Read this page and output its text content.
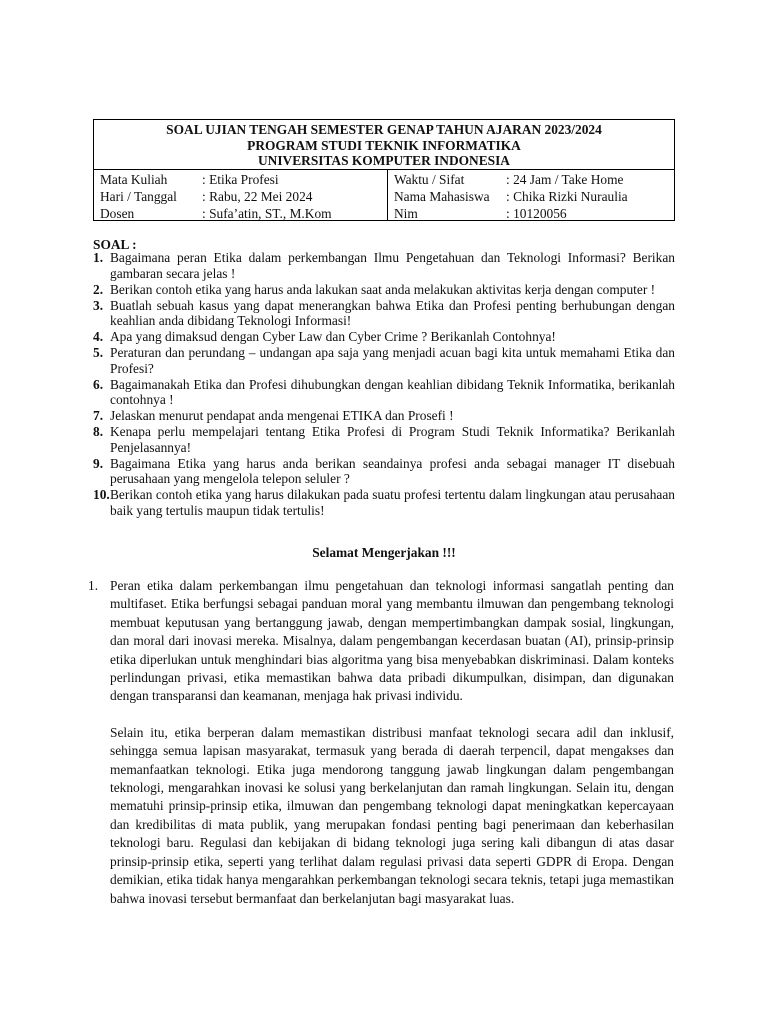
SOAL UJIAN TENGAH SEMESTER GENAP TAHUN AJARAN 2023/2024
PROGRAM STUDI TEKNIK INFORMATIKA
UNIVERSITAS KOMPUTER INDONESIA
Mata Kuliah	: Etika Profesi
Hari / Tanggal	: Rabu, 22 Mei 2024
Dosen	: Sufa’atin, ST., M.Kom
Waktu / Sifat	: 24 Jam / Take Home
Nama Mahasiswa	: Chika Rizki Nuraulia
Nim	: 10120056
SOAL :
1. Bagaimana peran Etika dalam perkembangan Ilmu Pengetahuan dan Teknologi Informasi? Berikan gambaran secara jelas !
2. Berikan contoh etika yang harus anda lakukan saat anda melakukan aktivitas kerja dengan computer !
3. Buatlah sebuah kasus yang dapat menerangkan bahwa Etika dan Profesi penting berhubungan dengan keahlian anda dibidang Teknologi Informasi!
4. Apa yang dimaksud dengan Cyber Law dan Cyber Crime ? Berikanlah Contohnya!
5. Peraturan dan perundang – undangan apa saja yang menjadi acuan bagi kita untuk memahami Etika dan Profesi?
6. Bagaimanakah Etika dan Profesi dihubungkan dengan keahlian dibidang Teknik Informatika, berikanlah contohnya !
7. Jelaskan menurut pendapat anda mengenai ETIKA dan Prosefi !
8. Kenapa perlu mempelajari tentang Etika Profesi di Program Studi Teknik Informatika? Berikanlah Penjelasannya!
9. Bagaimana Etika yang harus anda berikan seandainya profesi anda sebagai manager IT disebuah perusahaan yang mengelola telepon seluler ?
10. Berikan contoh etika yang harus dilakukan pada suatu profesi tertentu dalam lingkungan atau perusahaan baik yang tertulis maupun tidak tertulis!
Selamat Mengerjakan !!!
1. Peran etika dalam perkembangan ilmu pengetahuan dan teknologi informasi sangatlah penting dan multifaset. Etika berfungsi sebagai panduan moral yang membantu ilmuwan dan pengembang teknologi membuat keputusan yang bertanggung jawab, dengan mempertimbangkan dampak sosial, lingkungan, dan moral dari inovasi mereka. Misalnya, dalam pengembangan kecerdasan buatan (AI), prinsip-prinsip etika diperlukan untuk menghindari bias algoritma yang bisa menyebabkan diskriminasi. Dalam konteks perlindungan privasi, etika memastikan bahwa data pribadi dikumpulkan, disimpan, dan digunakan dengan transparansi dan keamanan, menjaga hak privasi individu.

Selain itu, etika berperan dalam memastikan distribusi manfaat teknologi secara adil dan inklusif, sehingga semua lapisan masyarakat, termasuk yang berada di daerah terpencil, dapat mengakses dan memanfaatkan teknologi. Etika juga mendorong tanggung jawab lingkungan dalam pengembangan teknologi, mengarahkan inovasi ke solusi yang berkelanjutan dan ramah lingkungan. Selain itu, dengan mematuhi prinsip-prinsip etika, ilmuwan dan pengembang teknologi dapat meningkatkan kepercayaan dan kredibilitas di mata publik, yang merupakan fondasi penting bagi penerimaan dan keberhasilan teknologi baru. Regulasi dan kebijakan di bidang teknologi juga sering kali dibangun di atas dasar prinsip-prinsip etika, seperti yang terlihat dalam regulasi privasi data seperti GDPR di Eropa. Dengan demikian, etika tidak hanya mengarahkan perkembangan teknologi secara teknis, tetapi juga memastikan bahwa inovasi tersebut bermanfaat dan berkelanjutan bagi masyarakat luas.
